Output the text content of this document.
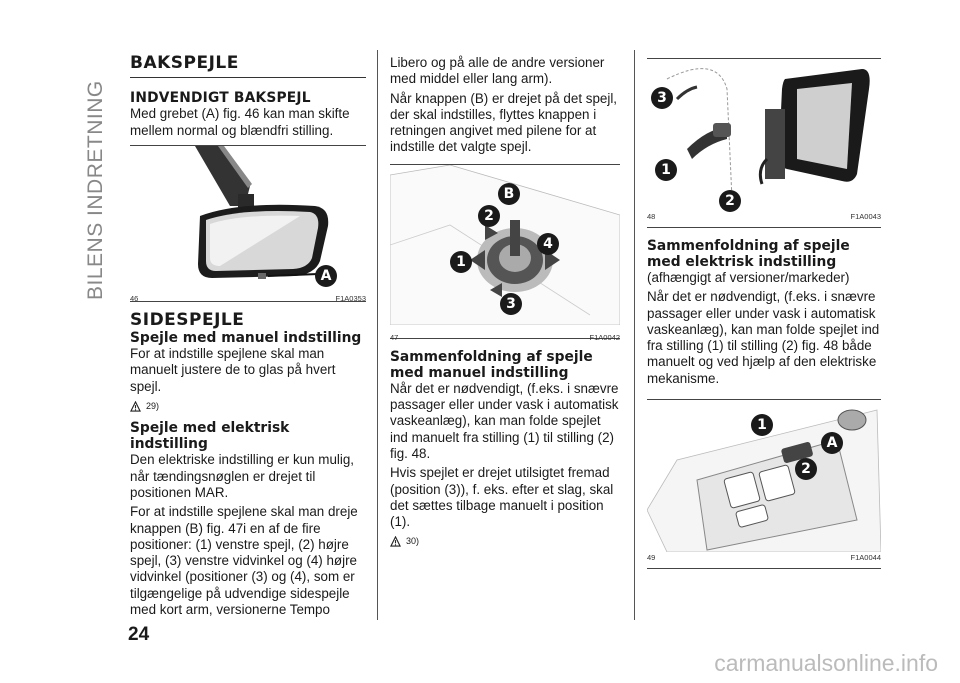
BILENS INDRETNING
BAKSPEJLE
INDVENDIGT BAKSPEJL

Med grebet (A) fig. 46 kan man skifte mellem normal og blændfri stilling.

A
46	F1A0353
SIDESPEJLE
Spejle med manuel indstilling

For at indstille spejlene skal man manuelt justere de to glas på hvert spejl.

29)
Spejle med elektrisk indstilling

Den elektriske indstilling er kun mulig, når tændingsnøglen er drejet til positionen MAR.

For at indstille spejlene skal man dreje knappen (B) fig. 47i en af de fire positioner: (1) venstre spejl, (2) højre spejl, (3) venstre vidvinkel og (4) højre vidvinkel (positioner (3) og (4), som er tilgængelige på udvendige sidespejle med kort arm, versionerne Tempo

Libero og på alle de andre versioner med middel eller lang arm).

Når knappen (B) er drejet på det spejl, der skal indstilles, flyttes knappen i retningen angivet med pilene for at indstille det valgte spejl.

B
2
4
1
3
47	F1A0042
Sammenfoldning af spejle med manuel indstilling

Når det er nødvendigt, (f.eks. i snævre passager eller under vask i automatisk vaskeanlæg), kan man folde spejlet ind manuelt fra stilling (1) til stilling (2) fig. 48.

Hvis spejlet er drejet utilsigtet fremad (position (3)), f. eks. efter et slag, skal det sættes tilbage manuelt i position (1).

30)
3
1
2
48	F1A0043
Sammenfoldning af spejle med elektrisk indstilling

(afhængigt af versioner/markeder)

Når det er nødvendigt, (f.eks. i snævre passager eller under vask i automatisk vaskeanlæg), kan man folde spejlet ind fra stilling (1) til stilling (2) fig. 48 både manuelt og ved hjælp af den elektriske mekanisme.

1
A
2
49	F1A0044
24
carmanualsonline.info
